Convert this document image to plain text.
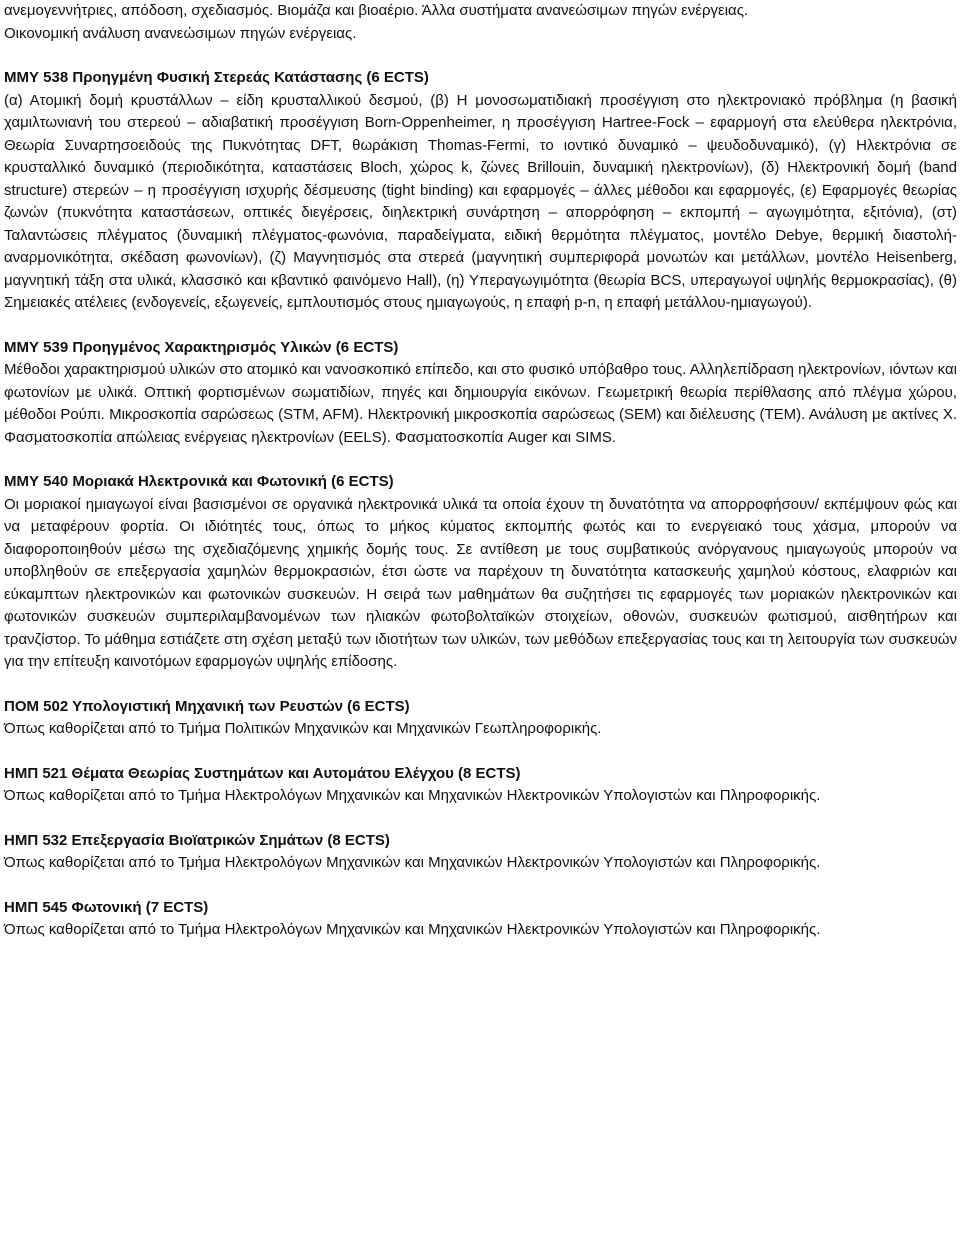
ανεμογεννήτριες, απόδοση, σχεδιασμός. Βιομάζα και βιοαέριο. Άλλα συστήματα ανανεώσιμων πηγών ενέργειας.
Οικονομική ανάλυση ανανεώσιμων πηγών ενέργειας.
ΜΜΥ 538 Προηγμένη Φυσική Στερεάς Κατάστασης (6 ECTS)
(α) Ατομική δομή κρυστάλλων – είδη κρυσταλλικού δεσμού, (β) Η μονοσωματιδιακή προσέγγιση στο ηλεκτρονιακό πρόβλημα (η βασική χαμιλτωνιανή του στερεού – αδιαβατική προσέγγιση Born-Oppenheimer, η προσέγγιση Hartree-Fock – εφαρμογή στα ελεύθερα ηλεκτρόνια, Θεωρία Συναρτησοειδούς της Πυκνότητας DFT, θωράκιση Thomas-Fermi, το ιοντικό δυναμικό – ψευδοδυναμικό), (γ) Ηλεκτρόνια σε κρυσταλλικό δυναμικό (περιοδικότητα, καταστάσεις Bloch, χώρος k, ζώνες Brillouin, δυναμική ηλεκτρονίων), (δ) Ηλεκτρονική δομή (band structure) στερεών – η προσέγγιση ισχυρής δέσμευσης (tight binding) και εφαρμογές – άλλες μέθοδοι και εφαρμογές, (ε) Εφαρμογές θεωρίας ζωνών (πυκνότητα καταστάσεων, οπτικές διεγέρσεις, διηλεκτρική συνάρτηση – απορρόφηση – εκπομπή – αγωγιμότητα, εξιτόνια), (στ) Ταλαντώσεις πλέγματος (δυναμική πλέγματος-φωνόνια, παραδείγματα, ειδική θερμότητα πλέγματος, μοντέλο Debye, θερμική διαστολή-αναρμονικότητα, σκέδαση φωνονίων), (ζ) Μαγνητισμός στα στερεά (μαγνητική συμπεριφορά μονωτών και μετάλλων, μοντέλο Heisenberg, μαγνητική τάξη στα υλικά, κλασσικό και κβαντικό φαινόμενο Hall), (η) Υπεραγωγιμότητα (θεωρία BCS, υπεραγωγοί υψηλής θερμοκρασίας), (θ) Σημειακές ατέλειες (ενδογενείς, εξωγενείς, εμπλουτισμός στους ημιαγωγούς, η επαφή p-n, η επαφή μετάλλου-ημιαγωγού).
ΜΜΥ 539 Προηγμένος Χαρακτηρισμός Υλικών (6 ECTS)
Μέθοδοι χαρακτηρισμού υλικών στο ατομικό και νανοσκοπικό επίπεδο, και στο φυσικό υπόβαθρο τους. Αλληλεπίδραση ηλεκτρονίων, ιόντων και φωτονίων με υλικά. Οπτική φορτισμένων σωματιδίων, πηγές και δημιουργία εικόνων. Γεωμετρική θεωρία περίθλασης από πλέγμα χώρου, μέθοδοι Ρούπι. Μικροσκοπία σαρώσεως (STM, AFM). Ηλεκτρονική μικροσκοπία σαρώσεως (SEM) και διέλευσης (TEM). Ανάλυση με ακτίνες Χ. Φασματοσκοπία απώλειας ενέργειας ηλεκτρονίων (EELS). Φασματοσκοπία Auger και SIMS.
ΜΜΥ 540 Μοριακά Ηλεκτρονικά και Φωτονική (6 ECTS)
Οι μοριακοί ημιαγωγοί είναι βασισμένοι σε οργανικά ηλεκτρονικά υλικά τα οποία έχουν τη δυνατότητα να απορροφήσουν/ εκπέμψουν φώς και να μεταφέρουν φορτία. Οι ιδιότητές τους, όπως το μήκος κύματος εκπομπής φωτός και το ενεργειακό τους χάσμα, μπορούν να διαφοροποιηθούν μέσω της σχεδιαζόμενης χημικής δομής τους. Σε αντίθεση με τους συμβατικούς ανόργανους ημιαγωγούς μπορούν να υποβληθούν σε επεξεργασία χαμηλών θερμοκρασιών, έτσι ώστε να παρέχουν τη δυνατότητα κατασκευής χαμηλού κόστους, ελαφριών και εύκαμπτων ηλεκτρονικών και φωτονικών συσκευών. Η σειρά των μαθημάτων θα συζητήσει τις εφαρμογές των μοριακών ηλεκτρονικών και φωτονικών συσκευών συμπεριλαμβανομένων των ηλιακών φωτοβολταϊκών στοιχείων, οθονών, συσκευών φωτισμού, αισθητήρων και τρανζίστορ. Το μάθημα εστιάζετε στη σχέση μεταξύ των ιδιοτήτων των υλικών, των μεθόδων επεξεργασίας τους και τη λειτουργία των συσκευών για την επίτευξη καινοτόμων εφαρμογών υψηλής επίδοσης.
ΠΟΜ 502 Υπολογιστική Μηχανική των Ρευστών (6 ECTS)
Όπως καθορίζεται από το Τμήμα Πολιτικών Μηχανικών και Μηχανικών Γεωπληροφορικής.
ΗΜΠ 521 Θέματα Θεωρίας Συστημάτων και Αυτομάτου Ελέγχου (8 ECTS)
Όπως καθορίζεται από το Τμήμα Ηλεκτρολόγων Μηχανικών και Μηχανικών Ηλεκτρονικών Υπολογιστών και Πληροφορικής.
ΗΜΠ 532 Επεξεργασία Βιοϊατρικών Σημάτων (8 ECTS)
Όπως καθορίζεται από το Τμήμα Ηλεκτρολόγων Μηχανικών και Μηχανικών Ηλεκτρονικών Υπολογιστών και Πληροφορικής.
ΗΜΠ 545 Φωτονική (7 ECTS)
Όπως καθορίζεται από το Τμήμα Ηλεκτρολόγων Μηχανικών και Μηχανικών Ηλεκτρονικών Υπολογιστών και Πληροφορικής.
